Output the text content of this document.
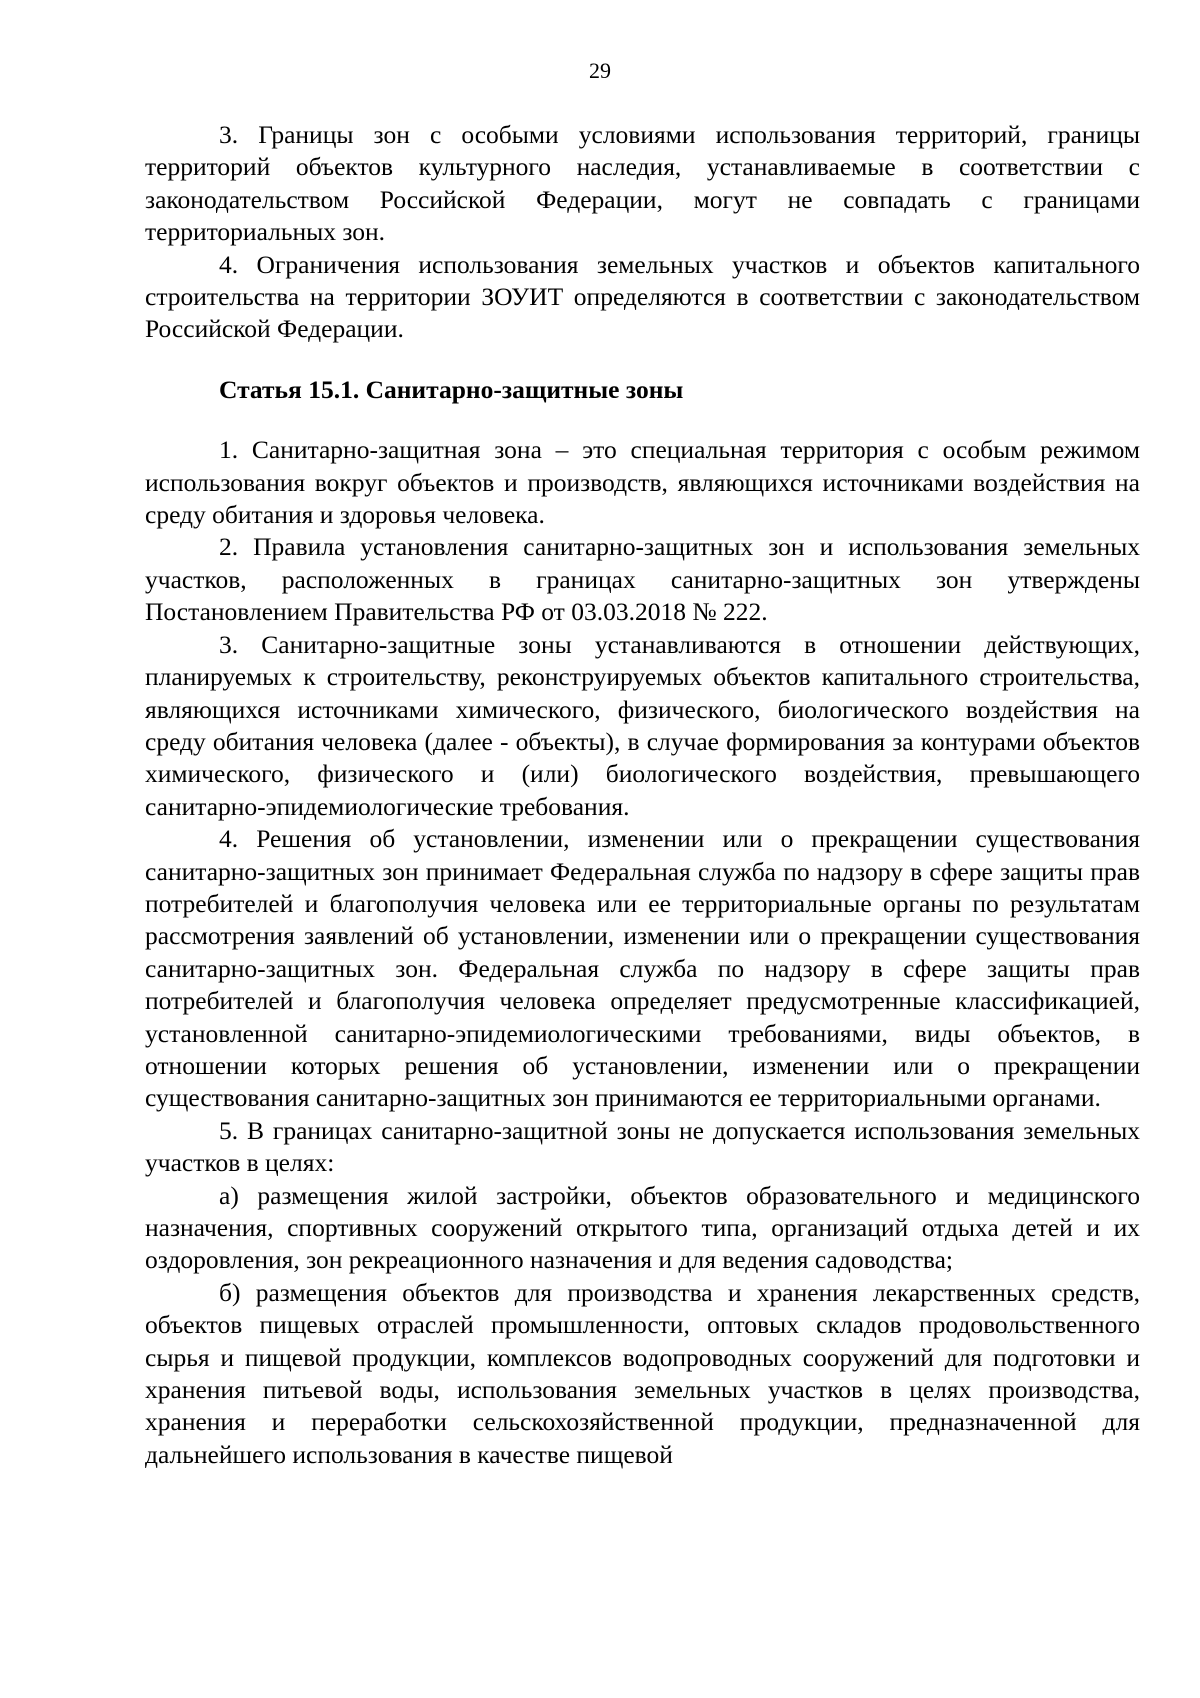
29

3. Границы зон с особыми условиями использования территорий, границы территорий объектов культурного наследия, устанавливаемые в соответствии с законодательством Российской Федерации, могут не совпадать с границами территориальных зон.

4. Ограничения использования земельных участков и объектов капитального строительства на территории ЗОУИТ определяются в соответствии с законодательством Российской Федерации.

Статья 15.1. Санитарно-защитные зоны

1. Санитарно-защитная зона – это специальная территория с особым режимом использования вокруг объектов и производств, являющихся источниками воздействия на среду обитания и здоровья человека.

2. Правила установления санитарно-защитных зон и использования земельных участков, расположенных в границах санитарно-защитных зон утверждены Постановлением Правительства РФ от 03.03.2018 № 222.

3. Санитарно-защитные зоны устанавливаются в отношении действующих, планируемых к строительству, реконструируемых объектов капитального строительства, являющихся источниками химического, физического, биологического воздействия на среду обитания человека (далее - объекты), в случае формирования за контурами объектов химического, физического и (или) биологического воздействия, превышающего санитарно-эпидемиологические требования.

4. Решения об установлении, изменении или о прекращении существования санитарно-защитных зон принимает Федеральная служба по надзору в сфере защиты прав потребителей и благополучия человека или ее территориальные органы по результатам рассмотрения заявлений об установлении, изменении или о прекращении существования санитарно-защитных зон. Федеральная служба по надзору в сфере защиты прав потребителей и благополучия человека определяет предусмотренные классификацией, установленной санитарно-эпидемиологическими требованиями, виды объектов, в отношении которых решения об установлении, изменении или о прекращении существования санитарно-защитных зон принимаются ее территориальными органами.

5. В границах санитарно-защитной зоны не допускается использования земельных участков в целях:

а) размещения жилой застройки, объектов образовательного и медицинского назначения, спортивных сооружений открытого типа, организаций отдыха детей и их оздоровления, зон рекреационного назначения и для ведения садоводства;

б) размещения объектов для производства и хранения лекарственных средств, объектов пищевых отраслей промышленности, оптовых складов продовольственного сырья и пищевой продукции, комплексов водопроводных сооружений для подготовки и хранения питьевой воды, использования земельных участков в целях производства, хранения и переработки сельскохозяйственной продукции, предназначенной для дальнейшего использования в качестве пищевой
